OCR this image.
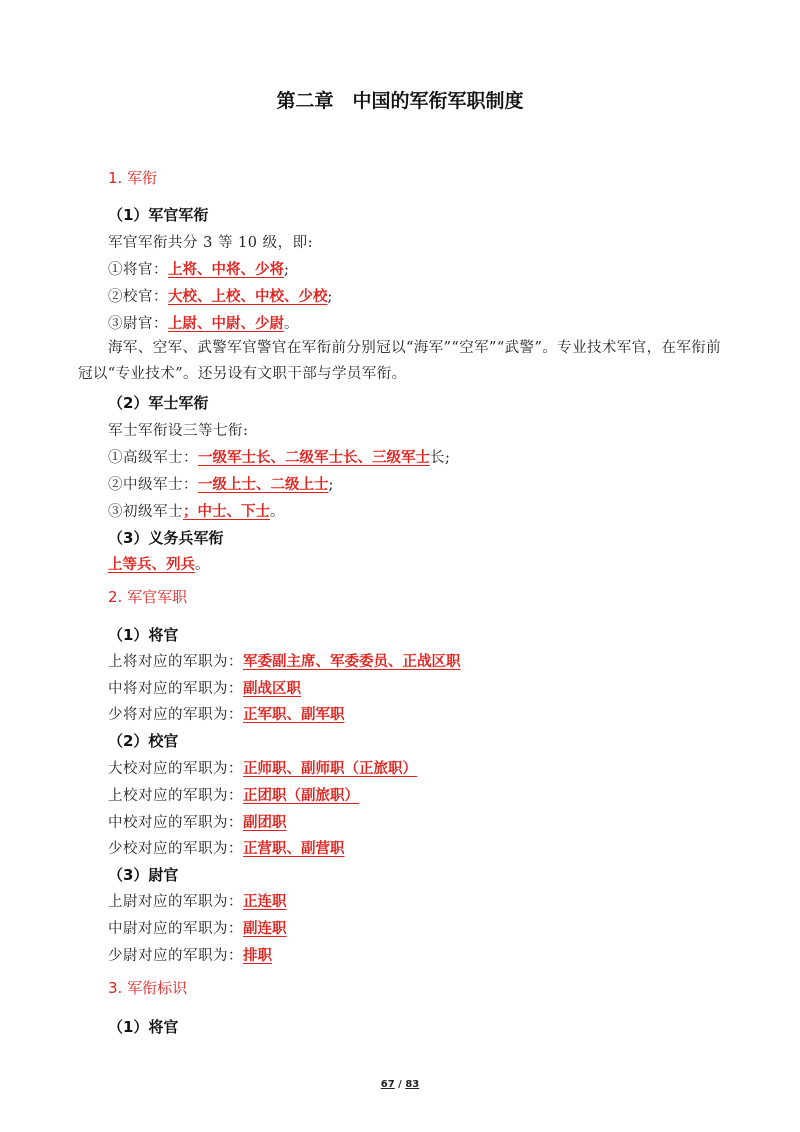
第二章　中国的军衔军职制度
1. 军衔
（1）军官军衔
军官军衔共分 3 等 10 级，即:
①将官：上将、中将、少将;
②校官：大校、上校、中校、少校;
③尉官：上尉、中尉、少尉。
海军、空军、武警军官警官在军衔前分别冠以“海军”“空军”“武警”。专业技术军官，在军衔前冠以“专业技术”。还另设有文职干部与学员军衔。
（2）军士军衔
军士军衔设三等七衔:
①高级军士：一级军士长、二级军士长、三级军士长;
②中级军士：一级上士、二级上士;
③初级军士；中士、下士。
（3）义务兵军衔
上等兵、列兵。
2. 军官军职
（1）将官
上将对应的军职为：军委副主席、军委委员、正战区职
中将对应的军职为：副战区职
少将对应的军职为：正军职、副军职
（2）校官
大校对应的军职为：正师职、副师职（正旅职）
上校对应的军职为：正团职（副旅职）
中校对应的军职为：副团职
少校对应的军职为：正营职、副营职
（3）尉官
上尉对应的军职为：正连职
中尉对应的军职为：副连职
少尉对应的军职为：排职
3. 军衔标识
（1）将官
67 / 83
